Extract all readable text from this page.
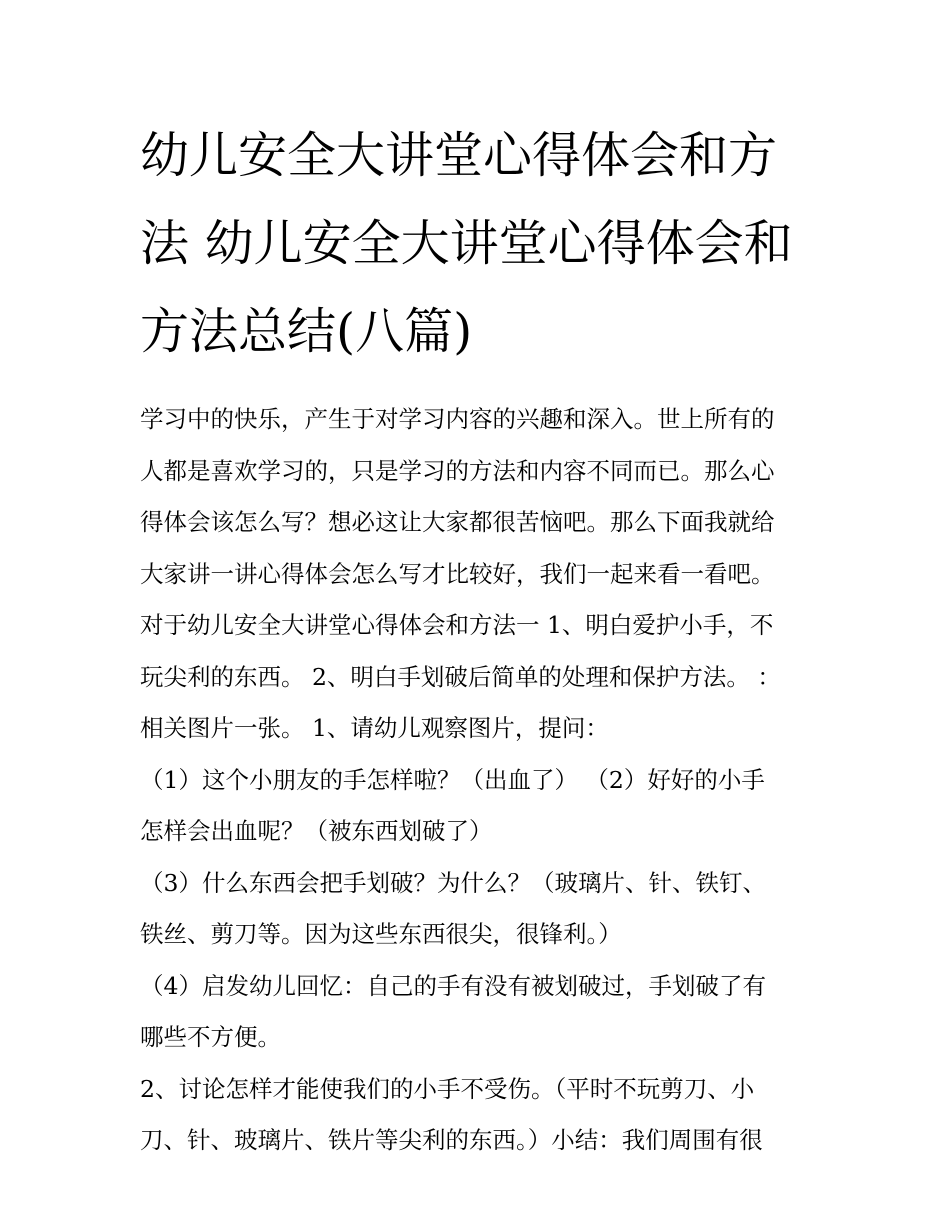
幼儿安全大讲堂心得体会和方
法 幼儿安全大讲堂心得体会和
方法总结(八篇)
学习中的快乐，产生于对学习内容的兴趣和深入。世上所有的
人都是喜欢学习的，只是学习的方法和内容不同而已。那么心
得体会该怎么写？想必这让大家都很苦恼吧。那么下面我就给
大家讲一讲心得体会怎么写才比较好，我们一起来看一看吧。
对于幼儿安全大讲堂心得体会和方法一 1、明白爱护小手，不
玩尖利的东西。 2、明白手划破后简单的处理和保护方法。 ：
相关图片一张。 1、请幼儿观察图片，提问：
（1）这个小朋友的手怎样啦？（出血了） （2）好好的小手
怎样会出血呢？（被东西划破了）
（3）什么东西会把手划破？为什么？（玻璃片、针、铁钉、
铁丝、剪刀等。因为这些东西很尖，很锋利。）
（4）启发幼儿回忆：自己的手有没有被划破过，手划破了有
哪些不方便。
2、讨论怎样才能使我们的小手不受伤。（平时不玩剪刀、小
刀、针、玻璃片、铁片等尖利的东西。）小结：我们周围有很
